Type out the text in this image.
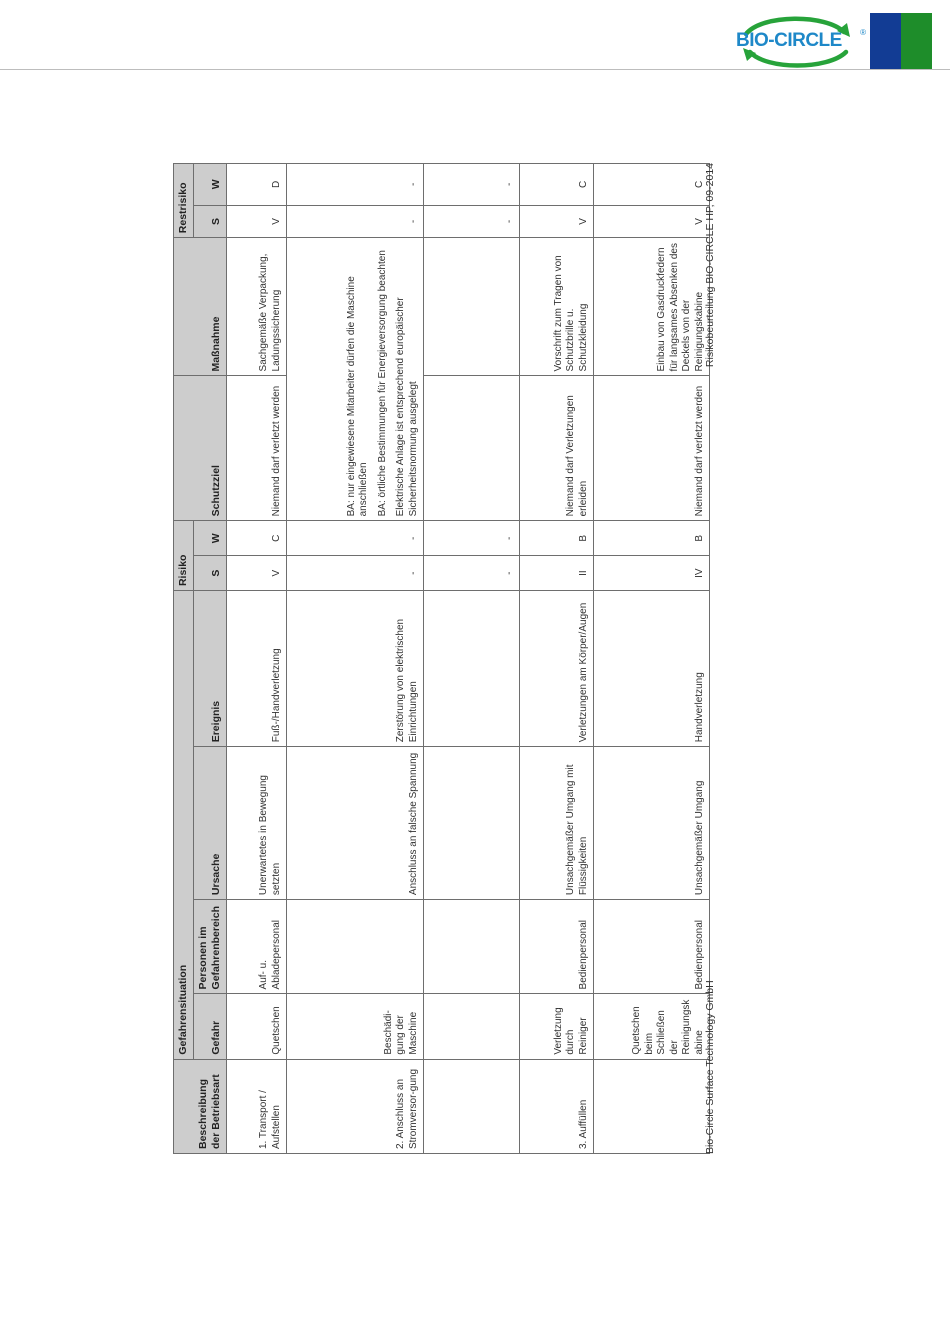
BIO-CIRCLE ®
Beschreibung der Betriebsart	Gefahrensituation				Risiko		Schutzziel	Maßnahme	Restrisiko	
	Gefahr	Personen im Gefahrenbereich	Ursache	Ereignis	S	W			S	W
1. Transport / Aufstellen	Quetschen	Auf- u. Abladepersonal	Unerwartetes in Bewegung setzten	Fuß-/Handverletzung	V	C	Niemand darf verletzt werden	Sachgemäße Verpackung, Ladungssicherung	V	D
2. Anschluss an Stromversor-gung	Beschädi-gung der Maschine		Anschluss an falsche Spannung	Zerstörung von elektrischen Einrichtungen	-	-	BA: nur eingewiesene Mitarbeiter dürfen die Maschine anschließen BA: örtliche Bestimmungen für Energieversorgung beachten Elektrische Anlage ist entsprechend europäischer Sicherheitsnormung ausgelegt		-	-
					-	-			-	-
3. Auffüllen	Verletzung durch Reiniger	Bedienpersonal	Unsachgemäßer Umgang mit Flüssigkeiten	Verletzungen am Körper/Augen	II	B	Niemand darf Verletzungen erleiden	Vorschrift zum Tragen von Schutzbrille u. Schutzkleidung	V	C
	Quetschen beim Schließen der Reinigungsk abine	Bedienpersonal	Unsachgemäßer Umgang	Handverletzung	IV	B	Niemand darf verletzt werden	Einbau von Gasdruckfedern für langsames Absenken des Deckels von der Reinigungskabine	V	C
Bio-Circle Surface Technology GmbH
Risikobeurteilung BIO-CIRCLE HP, 09-2014
